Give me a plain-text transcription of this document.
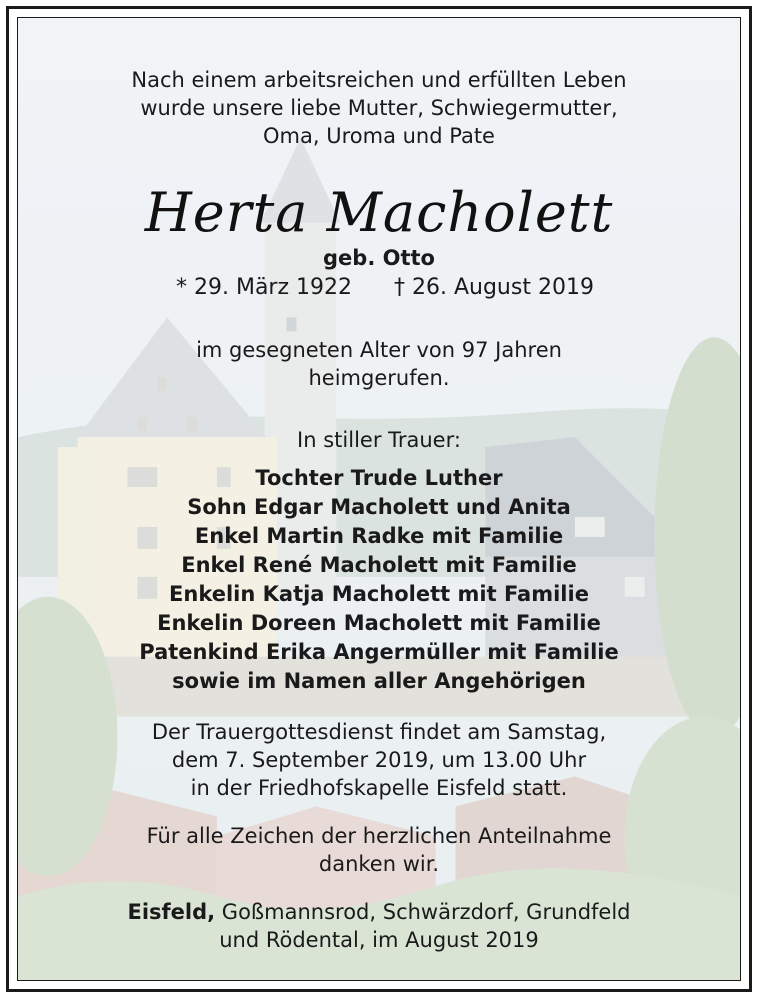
Nach einem arbeitsreichen und erfüllten Leben
wurde unsere liebe Mutter, Schwiegermutter,
Oma, Uroma und Pate
Herta Macholett
geb. Otto
* 29. März 1922 † 26. August 2019
im gesegneten Alter von 97 Jahren
heimgerufen.
In stiller Trauer:
Tochter Trude Luther
Sohn Edgar Macholett und Anita
Enkel Martin Radke mit Familie
Enkel René Macholett mit Familie
Enkelin Katja Macholett mit Familie
Enkelin Doreen Macholett mit Familie
Patenkind Erika Angermüller mit Familie
sowie im Namen aller Angehörigen
Der Trauergottesdienst findet am Samstag,
dem 7. September 2019, um 13.00 Uhr
in der Friedhofskapelle Eisfeld statt.
Für alle Zeichen der herzlichen Anteilnahme
danken wir.
Eisfeld, Goßmannsrod, Schwärzdorf, Grundfeld
und Rödental, im August 2019
